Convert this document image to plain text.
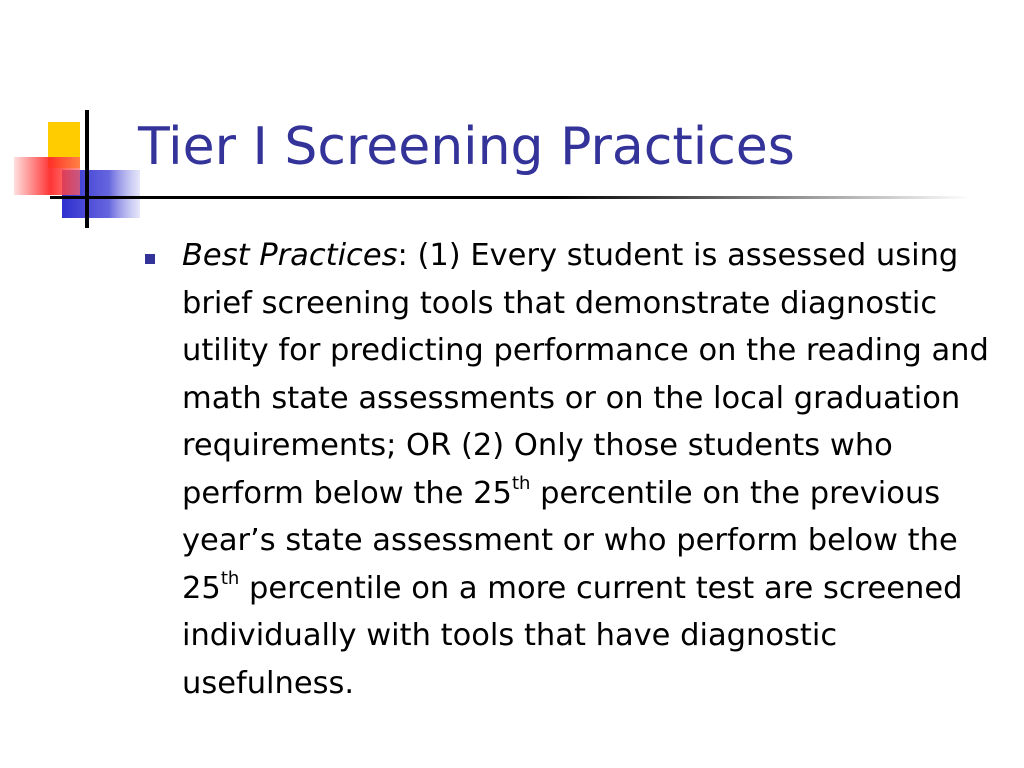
Tier I Screening Practices

Best Practices: (1) Every student is assessed using brief screening tools that demonstrate diagnostic utility for predicting performance on the reading and math state assessments or on the local graduation requirements; OR (2) Only those students who perform below the 25th percentile on the previous year’s state assessment or who perform below the 25th percentile on a more current test are screened individually with tools that have diagnostic usefulness.
